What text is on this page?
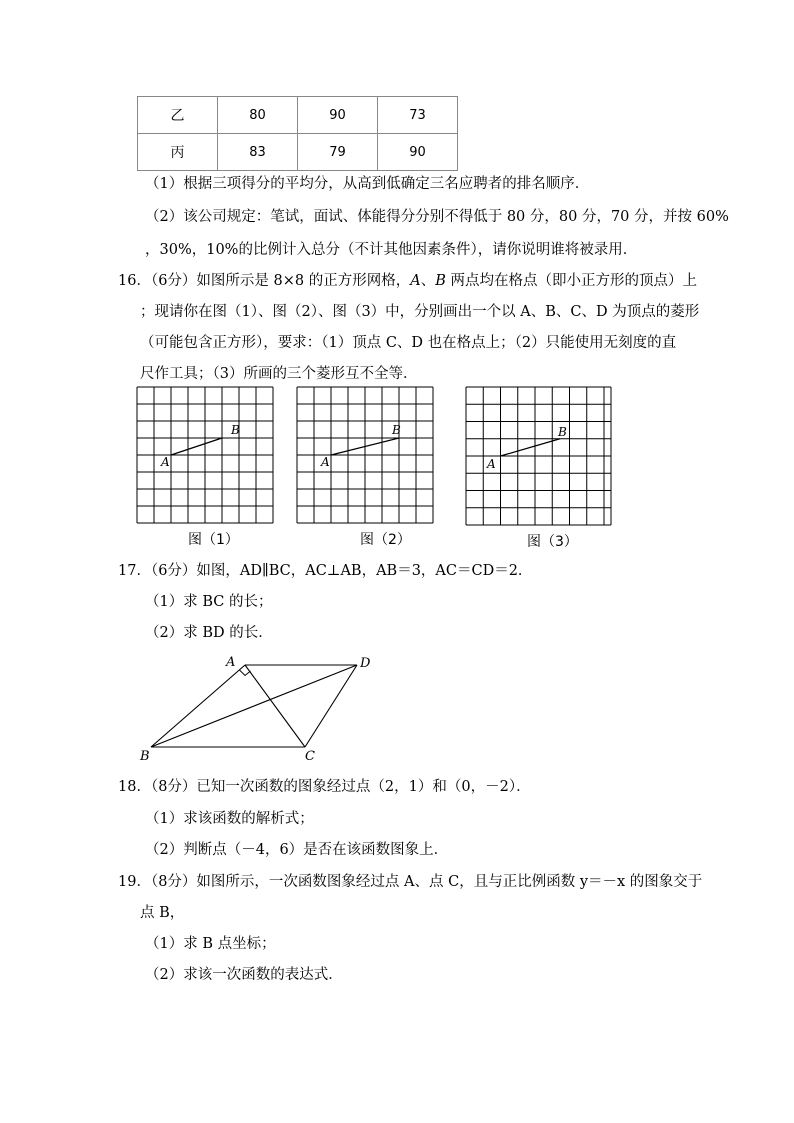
乙	80	90	73
丙	83	79	90
（1）根据三项得分的平均分，从高到低确定三名应聘者的排名顺序．
（2）该公司规定：笔试，面试、体能得分分别不得低于 80 分，80 分，70 分，并按 60%
，30%，10%的比例计入总分（不计其他因素条件），请你说明谁将被录用．
16．（6分）如图所示是 8×8 的正方形网格，A、B 两点均在格点（即小正方形的顶点）上
；现请你在图（1）、图（2）、图（3）中，分别画出一个以 A、B、C、D 为顶点的菱形
（可能包含正方形），要求：（1）顶点 C、D 也在格点上；（2）只能使用无刻度的直
尺作工具；（3）所画的三个菱形互不全等．
A
B
图（1）
A
B
图（2）
A
B
图（3）
17．（6分）如图，AD∥BC，AC⊥AB，AB＝3，AC＝CD＝2．
（1）求 BC 的长；
（2）求 BD 的长．
A
B	C
D
18．（8分）已知一次函数的图象经过点（2，1）和（0，－2）．
（1）求该函数的解析式；
（2）判断点（－4，6）是否在该函数图象上．
19．（8分）如图所示，一次函数图象经过点 A、点 C，且与正比例函数 y＝－x 的图象交于
点 B，
（1）求 B 点坐标；
（2）求该一次函数的表达式．
